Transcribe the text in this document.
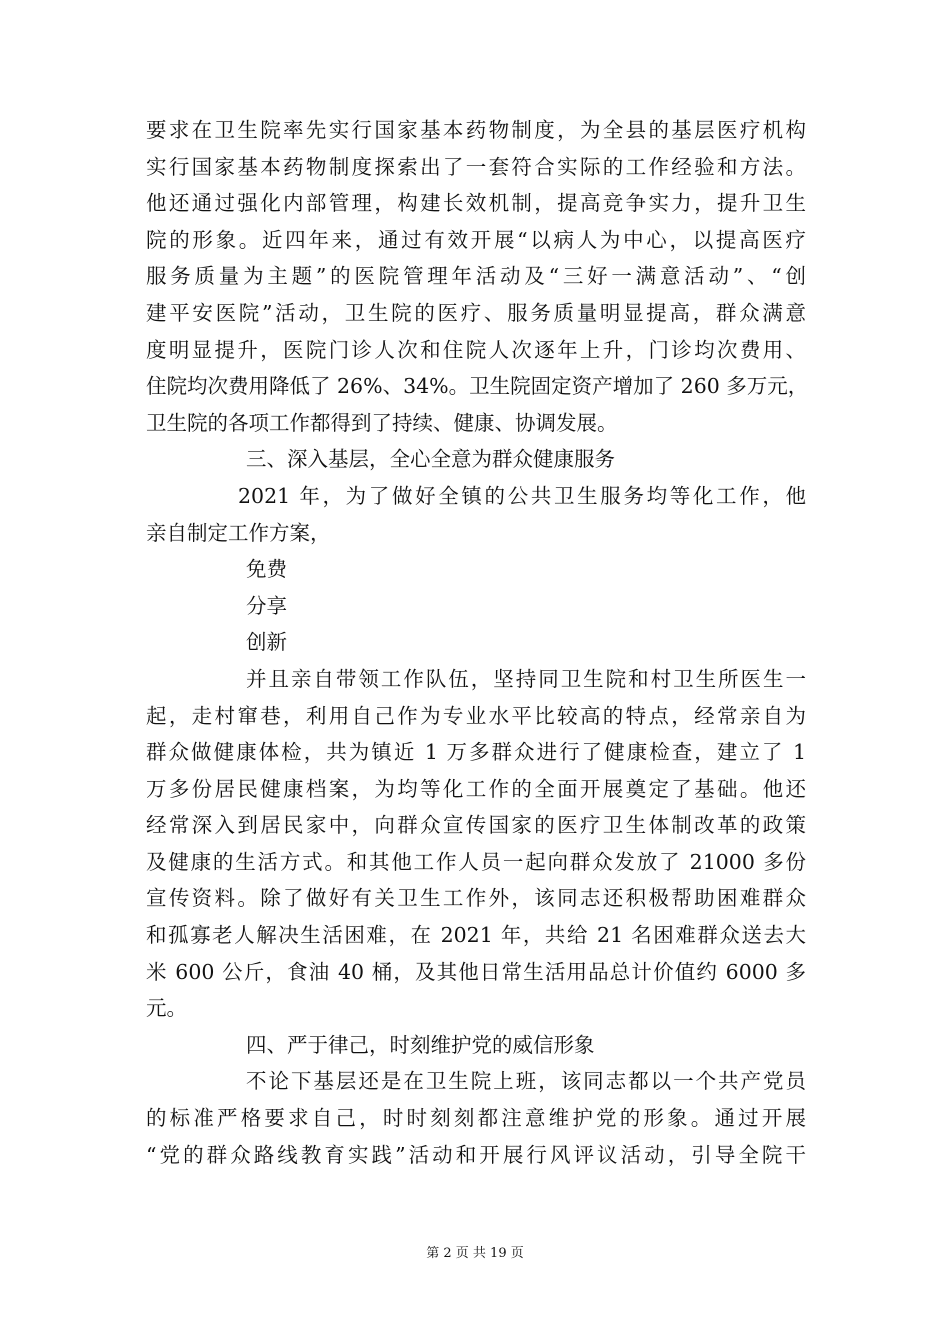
要求在卫生院率先实行国家基本药物制度，为全县的基层医疗机构
实行国家基本药物制度探索出了一套符合实际的工作经验和方法。
他还通过强化内部管理，构建长效机制，提高竞争实力，提升卫生
院的形象。近四年来，通过有效开展“以病人为中心，以提高医疗
服务质量为主题”的医院管理年活动及“三好一满意活动”、“创
建平安医院”活动，卫生院的医疗、服务质量明显提高，群众满意
度明显提升，医院门诊人次和住院人次逐年上升，门诊均次费用、
住院均次费用降低了 26%、34%。卫生院固定资产增加了 260 多万元，
卫生院的各项工作都得到了持续、健康、协调发展。
三、深入基层，全心全意为群众健康服务
2021 年，为了做好全镇的公共卫生服务均等化工作，他
亲自制定工作方案，
免费
分享
创新
并且亲自带领工作队伍，坚持同卫生院和村卫生所医生一
起，走村窜巷，利用自己作为专业水平比较高的特点，经常亲自为
群众做健康体检，共为镇近 1 万多群众进行了健康检查，建立了 1
万多份居民健康档案，为均等化工作的全面开展奠定了基础。他还
经常深入到居民家中，向群众宣传国家的医疗卫生体制改革的政策
及健康的生活方式。和其他工作人员一起向群众发放了 21000 多份
宣传资料。除了做好有关卫生工作外，该同志还积极帮助困难群众
和孤寡老人解决生活困难，在 2021 年，共给 21 名困难群众送去大
米 600 公斤，食油 40 桶，及其他日常生活用品总计价值约 6000 多
元。
四、严于律己，时刻维护党的威信形象
不论下基层还是在卫生院上班，该同志都以一个共产党员
的标准严格要求自己，时时刻刻都注意维护党的形象。通过开展
“党的群众路线教育实践”活动和开展行风评议活动，引导全院干
第 2 页 共 19 页
